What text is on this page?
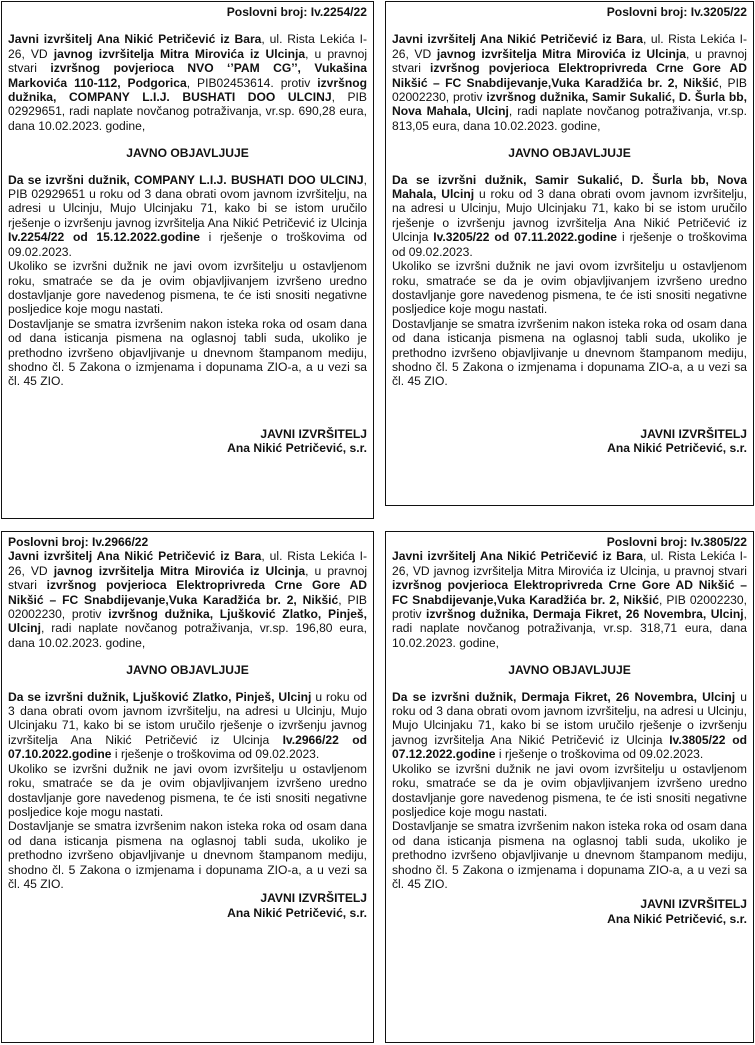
Poslovni broj: Iv.2254/22
Javni izvršitelj Ana Nikić Petričević iz Bara, ul. Rista Lekića I-26, VD javnog izvršitelja Mitra Mirovića iz Ulcinja, u pravnoj stvari izvršnog povjerioca NVO ‘’PAM CG’’, Vukašina Markovića 110-112, Podgorica, PIB02453614. protiv izvršnog dužnika, COMPANY L.I.J. BUSHATI DOO ULCINJ, PIB 02929651, radi naplate novčanog potraživanja, vr.sp. 690,28 eura, dana 10.02.2023. godine,
JAVNO OBJAVLJUJE
Da se izvršni dužnik, COMPANY L.I.J. BUSHATI DOO ULCINJ, PIB 02929651 u roku od 3 dana obrati ovom javnom izvršitelju, na adresi u Ulcinju, Mujo Ulcinjaku 71, kako bi se istom uručilo rješenje o izvršenju javnog izvršitelja Ana Nikić Petričević iz Ulcinja Iv.2254/22 od 15.12.2022.godine i rješenje o troškovima od 09.02.2023.
Ukoliko se izvršni dužnik ne javi ovom izvršitelju u ostavljenom roku, smatraće se da je ovim objavljivanjem izvršeno uredno dostavljanje gore navedenog pismena, te će isti snositi negativne posljedice koje mogu nastati.
Dostavljanje se smatra izvršenim nakon isteka roka od osam dana od dana isticanja pismena na oglasnoj tabli suda, ukoliko je prethodno izvršeno objavljivanje u dnevnom štampanom mediju, shodno čl. 5 Zakona o izmjenama i dopunama ZIO-a, a u vezi sa čl. 45 ZIO.
JAVNI IZVRŠITELJ
Ana Nikić Petričević, s.r.
Poslovni broj: Iv.3205/22
Javni izvršitelj Ana Nikić Petričević iz Bara, ul. Rista Lekića I-26, VD javnog izvršitelja Mitra Mirovića iz Ulcinja, u pravnoj stvari izvršnog povjerioca Elektroprivreda Crne Gore AD Nikšić – FC Snabdijevanje,Vuka Karadžića br. 2, Nikšić, PIB 02002230, protiv izvršnog dužnika, Samir Sukalić, D. Šurla bb, Nova Mahala, Ulcinj, radi naplate novčanog potraživanja, vr.sp. 813,05 eura, dana 10.02.2023. godine,
JAVNO OBJAVLJUJE
Da se izvršni dužnik, Samir Sukalić, D. Šurla bb, Nova Mahala, Ulcinj u roku od 3 dana obrati ovom javnom izvršitelju, na adresi u Ulcinju, Mujo Ulcinjaku 71, kako bi se istom uručilo rješenje o izvršenju javnog izvršitelja Ana Nikić Petričević iz Ulcinja Iv.3205/22 od 07.11.2022.godine i rješenje o troškovima od 09.02.2023.
Ukoliko se izvršni dužnik ne javi ovom izvršitelju u ostavljenom roku, smatraće se da je ovim objavljivanjem izvršeno uredno dostavljanje gore navedenog pismena, te će isti snositi negativne posljedice koje mogu nastati.
Dostavljanje se smatra izvršenim nakon isteka roka od osam dana od dana isticanja pismena na oglasnoj tabli suda, ukoliko je prethodno izvršeno objavljivanje u dnevnom štampanom mediju, shodno čl. 5 Zakona o izmjenama i dopunama ZIO-a, a u vezi sa čl. 45 ZIO.
JAVNI IZVRŠITELJ
Ana Nikić Petričević, s.r.
Poslovni broj: Iv.2966/22
Javni izvršitelj Ana Nikić Petričević iz Bara, ul. Rista Lekića I-26, VD javnog izvršitelja Mitra Mirovića iz Ulcinja, u pravnoj stvari izvršnog povjerioca Elektroprivreda Crne Gore AD Nikšić – FC Snabdijevanje,Vuka Karadžića br. 2, Nikšić, PIB 02002230, protiv izvršnog dužnika, Ljušković Zlatko, Pinješ, Ulcinj, radi naplate novčanog potraživanja, vr.sp. 196,80 eura, dana 10.02.2023. godine,
JAVNO OBJAVLJUJE
Da se izvršni dužnik, Ljušković Zlatko, Pinješ, Ulcinj u roku od 3 dana obrati ovom javnom izvršitelju, na adresi u Ulcinju, Mujo Ulcinjaku 71, kako bi se istom uručilo rješenje o izvršenju javnog izvršitelja Ana Nikić Petričević iz Ulcinja Iv.2966/22 od 07.10.2022.godine i rješenje o troškovima od 09.02.2023.
Ukoliko se izvršni dužnik ne javi ovom izvršitelju u ostavljenom roku, smatraće se da je ovim objavljivanjem izvršeno uredno dostavljanje gore navedenog pismena, te će isti snositi negativne posljedice koje mogu nastati.
Dostavljanje se smatra izvršenim nakon isteka roka od osam dana od dana isticanja pismena na oglasnoj tabli suda, ukoliko je prethodno izvršeno objavljivanje u dnevnom štampanom mediju, shodno čl. 5 Zakona o izmjenama i dopunama ZIO-a, a u vezi sa čl. 45 ZIO.
JAVNI IZVRŠITELJ
Ana Nikić Petričević, s.r.
Poslovni broj: Iv.3805/22
Javni izvršitelj Ana Nikić Petričević iz Bara, ul. Rista Lekića I-26, VD javnog izvršitelja Mitra Mirovića iz Ulcinja, u pravnoj stvari izvršnog povjerioca Elektroprivreda Crne Gore AD Nikšić – FC Snabdijevanje,Vuka Karadžića br. 2, Nikšić, PIB 02002230, protiv izvršnog dužnika, Dermaja Fikret, 26 Novembra, Ulcinj, radi naplate novčanog potraživanja, vr.sp. 318,71 eura, dana 10.02.2023. godine,
JAVNO OBJAVLJUJE
Da se izvršni dužnik, Dermaja Fikret, 26 Novembra, Ulcinj u roku od 3 dana obrati ovom javnom izvršitelju, na adresi u Ulcinju, Mujo Ulcinjaku 71, kako bi se istom uručilo rješenje o izvršenju javnog izvršitelja Ana Nikić Petričević iz Ulcinja Iv.3805/22 od 07.12.2022.godine i rješenje o troškovima od 09.02.2023.
Ukoliko se izvršni dužnik ne javi ovom izvršitelju u ostavljenom roku, smatraće se da je ovim objavljivanjem izvršeno uredno dostavljanje gore navedenog pismena, te će isti snositi negativne posljedice koje mogu nastati.
Dostavljanje se smatra izvršenim nakon isteka roka od osam dana od dana isticanja pismena na oglasnoj tabli suda, ukoliko je prethodno izvršeno objavljivanje u dnevnom štampanom mediju, shodno čl. 5 Zakona o izmjenama i dopunama ZIO-a, a u vezi sa čl. 45 ZIO.
JAVNI IZVRŠITELJ
Ana Nikić Petričević, s.r.
